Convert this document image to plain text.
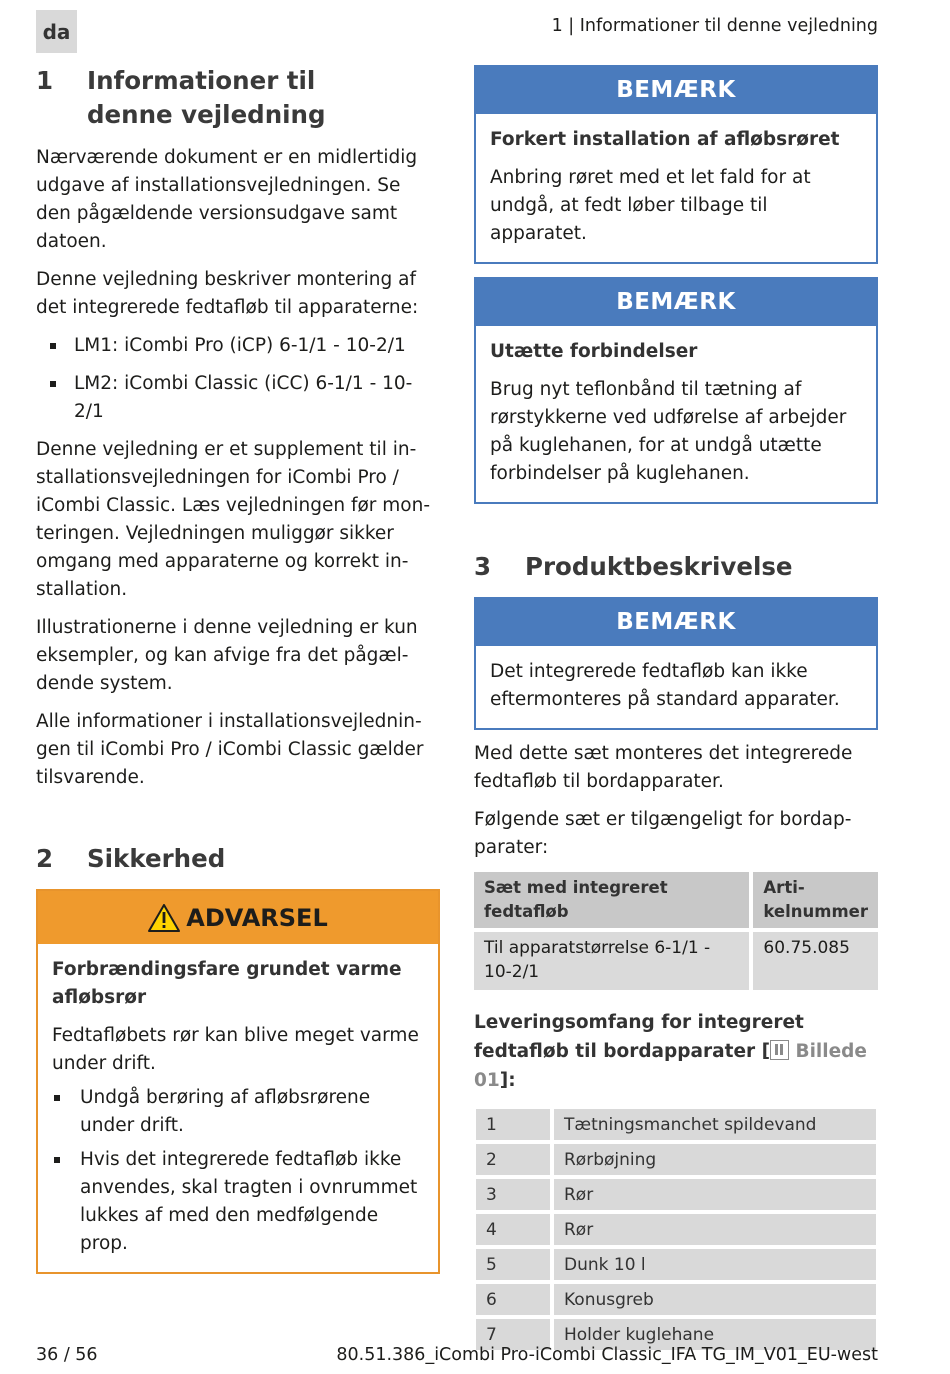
da	1 | Informationer til denne vejledning
1	Informationer til denne vejledning

Nærværende dokument er en midlertidig udgave af installationsvejledningen. Se den pågældende versionsudgave samt datoen.

Denne vejledning beskriver montering af det integrerede fedtafløb til apparaterne:

LM1: iCombi Pro (iCP) 6-1/1 - 10-2/1
LM2: iCombi Classic (iCC) 6-1/1 - 10-2/1

Denne vejledning er et supplement til installationsvejledningen for iCombi Pro / iCombi Classic. Læs vejledningen før monteringen. Vejledningen muliggør sikker omgang med apparaterne og korrekt installation.

Illustrationerne i denne vejledning er kun eksempler, og kan afvige fra det pågældende system.

Alle informationer i installationsvejledningen til iCombi Pro / iCombi Classic gælder tilsvarende.

2	Sikkerhed
ADVARSEL
Forbrændingsfare grundet varme afløbsrør
Fedtafløbets rør kan blive meget varme under drift.
Undgå berøring af afløbsrørene under drift.
Hvis det integrerede fedtafløb ikke anvendes, skal tragten i ovnrummet lukkes af med den medfølgende prop.
BEMÆRK
Forkert installation af afløbsrøret
Anbring røret med et let fald for at undgå, at fedt løber tilbage til apparatet.
BEMÆRK
Utætte forbindelser
Brug nyt teflonbånd til tætning af rørstykkerne ved udførelse af arbejder på kuglehanen, for at undgå utætte forbindelser på kuglehanen.
3	Produktbeskrivelse
BEMÆRK
Det integrerede fedtafløb kan ikke eftermonteres på standard apparater.

Med dette sæt monteres det integrerede fedtafløb til bordapparater.

Følgende sæt er tilgængeligt for bordapparater:

Sæt med integreret fedtafløb	Artikelnummer
Til apparatstørrelse 6-1/1 - 10-2/1	60.75.085
Leveringsomfang for integreret fedtafløb til bordapparater [ Billede 01]:
1	Tætningsmanchet spildevand
2	Rørbøjning
3	Rør
4	Rør
5	Dunk 10 l
6	Konusgreb
7	Holder kuglehane
36 / 56	80.51.386_iCombi Pro-iCombi Classic_IFA TG_IM_V01_EU-west
